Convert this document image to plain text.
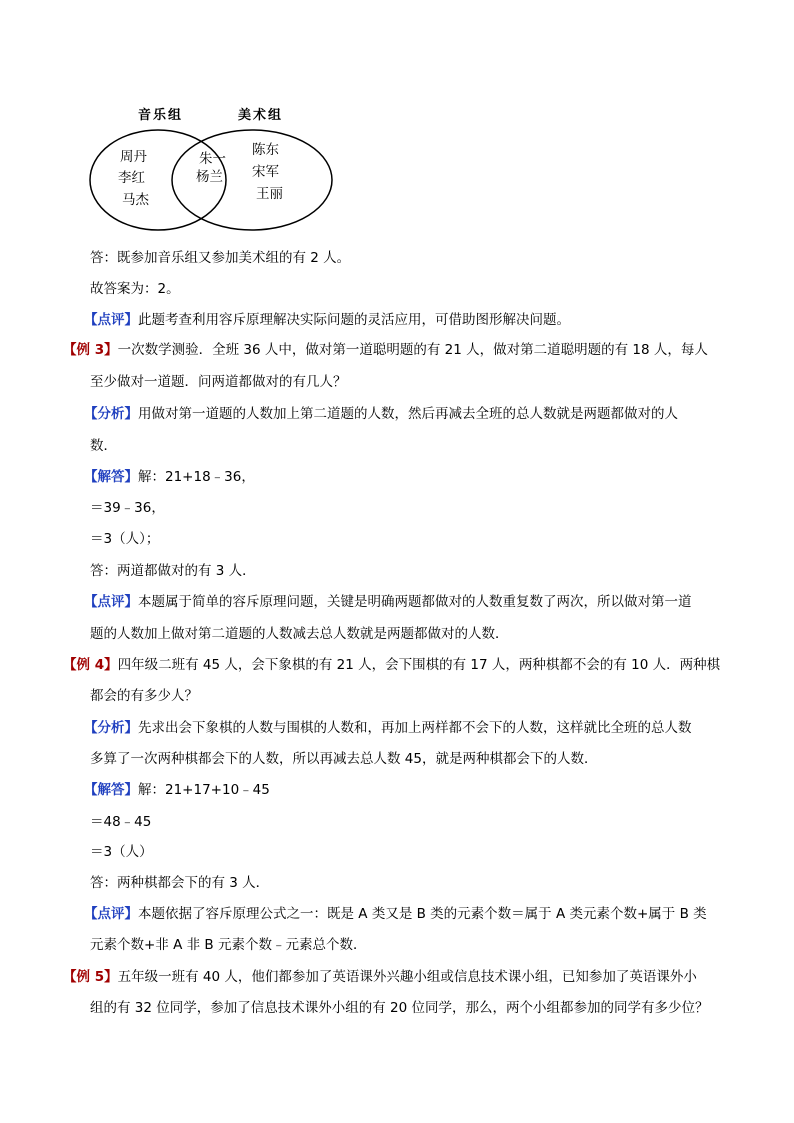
音乐组	美术组
周丹
李红
马杰
朱一
杨兰
陈东
宋军
王丽
答：既参加音乐组又参加美术组的有 2 人。
故答案为：2。
【点评】此题考查利用容斥原理解决实际问题的灵活应用，可借助图形解决问题。
【例 3】一次数学测验．全班 36 人中，做对第一道聪明题的有 21 人，做对第二道聪明题的有 18 人，每人
至少做对一道题．问两道都做对的有几人？
【分析】用做对第一道题的人数加上第二道题的人数，然后再减去全班的总人数就是两题都做对的人
数．
【解答】解：21+18﹣36，
＝39﹣36，
＝3（人）；
答：两道都做对的有 3 人．
【点评】本题属于简单的容斥原理问题，关键是明确两题都做对的人数重复数了两次，所以做对第一道
题的人数加上做对第二道题的人数减去总人数就是两题都做对的人数．
【例 4】四年级二班有 45 人，会下象棋的有 21 人，会下围棋的有 17 人，两种棋都不会的有 10 人．两种棋
都会的有多少人？
【分析】先求出会下象棋的人数与围棋的人数和，再加上两样都不会下的人数，这样就比全班的总人数
多算了一次两种棋都会下的人数，所以再减去总人数 45，就是两种棋都会下的人数．
【解答】解：21+17+10﹣45
＝48﹣45
＝3（人）
答：两种棋都会下的有 3 人．
【点评】本题依据了容斥原理公式之一：既是 A 类又是 B 类的元素个数＝属于 A 类元素个数+属于 B 类
元素个数+非 A 非 B 元素个数﹣元素总个数．
【例 5】五年级一班有 40 人，他们都参加了英语课外兴趣小组或信息技术课小组，已知参加了英语课外小
组的有 32 位同学，参加了信息技术课外小组的有 20 位同学，那么，两个小组都参加的同学有多少位？
